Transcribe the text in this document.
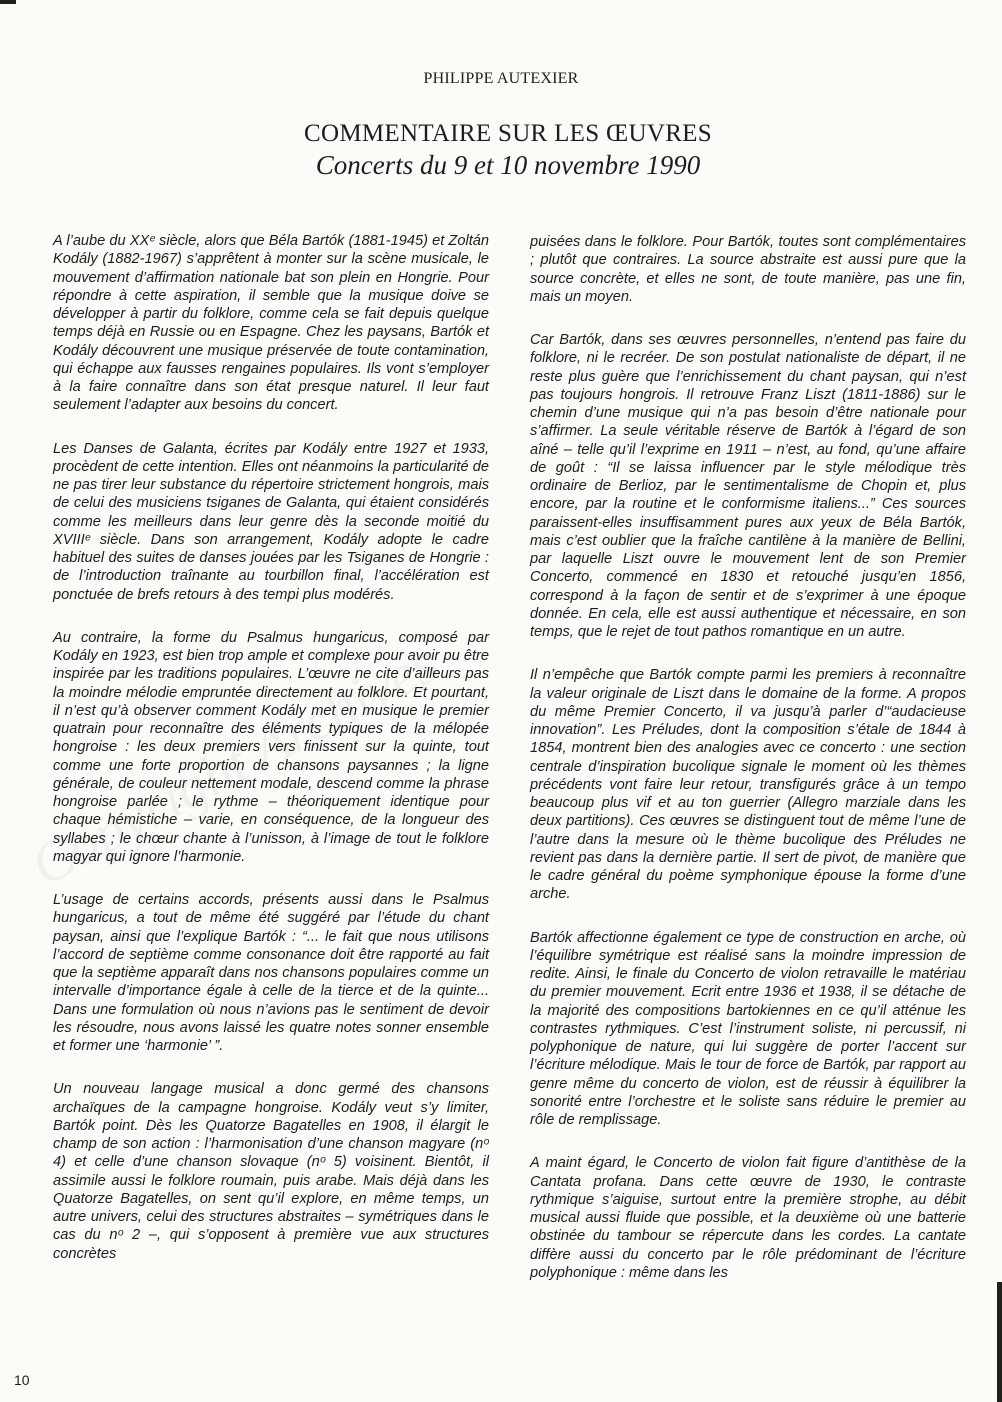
PHILIPPE AUTEXIER
COMMENTAIRE SUR LES ŒUVRES
Concerts du 9 et 10 novembre 1990

A l’aube du XXᵉ siècle, alors que Béla Bartók (1881-1945) et Zoltán Kodály (1882-1967) s’apprêtent à monter sur la scène musicale, le mouvement d’affirmation nationale bat son plein en Hongrie. Pour répondre à cette aspiration, il semble que la musique doive se développer à partir du folklore, comme cela se fait depuis quelque temps déjà en Russie ou en Espagne. Chez les paysans, Bartók et Kodály découvrent une musique préservée de toute contamination, qui échappe aux fausses rengaines populaires. Ils vont s’employer à la faire connaître dans son état presque naturel. Il leur faut seulement l’adapter aux besoins du concert.

Les Danses de Galanta, écrites par Kodály entre 1927 et 1933, procèdent de cette intention. Elles ont néanmoins la particularité de ne pas tirer leur substance du répertoire strictement hongrois, mais de celui des musiciens tsiganes de Galanta, qui étaient considérés comme les meilleurs dans leur genre dès la seconde moitié du XVIIIᵉ siècle. Dans son arrangement, Kodály adopte le cadre habituel des suites de danses jouées par les Tsiganes de Hongrie : de l’introduction traînante au tourbillon final, l’accélération est ponctuée de brefs retours à des tempi plus modérés.

Au contraire, la forme du Psalmus hungaricus, composé par Kodály en 1923, est bien trop ample et complexe pour avoir pu être inspirée par les traditions populaires. L’œuvre ne cite d’ailleurs pas la moindre mélodie empruntée directement au folklore. Et pourtant, il n’est qu’à observer comment Kodály met en musique le premier quatrain pour reconnaître des éléments typiques de la mélopée hongroise : les deux premiers vers finissent sur la quinte, tout comme une forte proportion de chansons paysannes ; la ligne générale, de couleur nettement modale, descend comme la phrase hongroise parlée ; le rythme – théoriquement identique pour chaque hémistiche – varie, en conséquence, de la longueur des syllabes ; le chœur chante à l’unisson, à l’image de tout le folklore magyar qui ignore l’harmonie.

L’usage de certains accords, présents aussi dans le Psalmus hungaricus, a tout de même été suggéré par l’étude du chant paysan, ainsi que l’explique Bartók : “... le fait que nous utilisons l’accord de septième comme consonance doit être rapporté au fait que la septième apparaît dans nos chansons populaires comme un intervalle d’importance égale à celle de la tierce et de la quinte... Dans une formulation où nous n’avions pas le sentiment de devoir les résoudre, nous avons laissé les quatre notes sonner ensemble et former une ‘harmonie’ ”.

Un nouveau langage musical a donc germé des chansons archaïques de la campagne hongroise. Kodály veut s’y limiter, Bartók point. Dès les Quatorze Bagatelles en 1908, il élargit le champ de son action : l’harmonisation d’une chanson magyare (nᵒ 4) et celle d’une chanson slovaque (nᵒ 5) voisinent. Bientôt, il assimile aussi le folklore roumain, puis arabe. Mais déjà dans les Quatorze Bagatelles, on sent qu’il explore, en même temps, un autre univers, celui des structures abstraites – symétriques dans le cas du nᵒ 2 –, qui s’opposent à première vue aux structures concrètes

puisées dans le folklore. Pour Bartók, toutes sont complémentaires ; plutôt que contraires. La source abstraite est aussi pure que la source concrète, et elles ne sont, de toute manière, pas une fin, mais un moyen.

Car Bartók, dans ses œuvres personnelles, n’entend pas faire du folklore, ni le recréer. De son postulat nationaliste de départ, il ne reste plus guère que l’enrichissement du chant paysan, qui n’est pas toujours hongrois. Il retrouve Franz Liszt (1811-1886) sur le chemin d’une musique qui n’a pas besoin d’être nationale pour s’affirmer. La seule véritable réserve de Bartók à l’égard de son aîné – telle qu’il l’exprime en 1911 – n’est, au fond, qu’une affaire de goût : “Il se laissa influencer par le style mélodique très ordinaire de Berlioz, par le sentimentalisme de Chopin et, plus encore, par la routine et le conformisme italiens...” Ces sources paraissent-elles insuffisamment pures aux yeux de Béla Bartók, mais c’est oublier que la fraîche cantilène à la manière de Bellini, par laquelle Liszt ouvre le mouvement lent de son Premier Concerto, commencé en 1830 et retouché jusqu’en 1856, correspond à la façon de sentir et de s’exprimer à une époque donnée. En cela, elle est aussi authentique et nécessaire, en son temps, que le rejet de tout pathos romantique en un autre.

Il n’empêche que Bartók compte parmi les premiers à reconnaître la valeur originale de Liszt dans le domaine de la forme. A propos du même Premier Concerto, il va jusqu’à parler d’“audacieuse innovation”. Les Préludes, dont la composition s’étale de 1844 à 1854, montrent bien des analogies avec ce concerto : une section centrale d’inspiration bucolique signale le moment où les thèmes précédents vont faire leur retour, transfigurés grâce à un tempo beaucoup plus vif et au ton guerrier (Allegro marziale dans les deux partitions). Ces œuvres se distinguent tout de même l’une de l’autre dans la mesure où le thème bucolique des Préludes ne revient pas dans la dernière partie. Il sert de pivot, de manière que le cadre général du poème symphonique épouse la forme d’une arche.

Bartók affectionne également ce type de construction en arche, où l’équilibre symétrique est réalisé sans la moindre impression de redite. Ainsi, le finale du Concerto de violon retravaille le matériau du premier mouvement. Ecrit entre 1936 et 1938, il se détache de la majorité des compositions bartokiennes en ce qu’il atténue les contrastes rythmiques. C’est l’instrument soliste, ni percussif, ni polyphonique de nature, qui lui suggère de porter l’accent sur l’écriture mélodique. Mais le tour de force de Bartók, par rapport au genre même du concerto de violon, est de réussir à équilibrer la sonorité entre l’orchestre et le soliste sans réduire le premier au rôle de remplissage.

A maint égard, le Concerto de violon fait figure d’antithèse de la Cantata profana. Dans cette œuvre de 1930, le contraste rythmique s’aiguise, surtout entre la première strophe, au débit musical aussi fluide que possible, et la deuxième où une batterie obstinée du tambour se répercute dans les cordes. La cantate diffère aussi du concerto par le rôle prédominant de l’écriture polyphonique : même dans les

10
